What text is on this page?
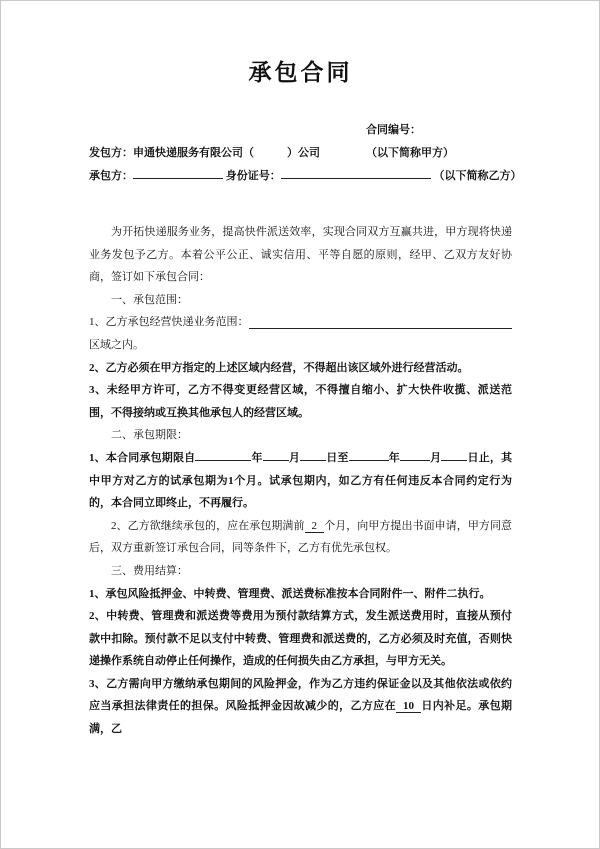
承包合同
合同编号：
发包方：申通快递服务有限公司（　　　）公司	（以下简称甲方）
承包方：	身份证号：	（以下简称乙方）

为开拓快递服务业务，提高快件派送效率，实现合同双方互赢共进，甲方现将快递业务发包予乙方。本着公平公正、诚实信用、平等自愿的原则，经甲、乙双方友好协商，签订如下承包合同：

一、承包范围：

1、乙方承包经营快递业务范围：

区域之内。

2、乙方必须在甲方指定的上述区域内经营，不得超出该区域外进行经营活动。

3、未经甲方许可，乙方不得变更经营区域，不得擅自缩小、扩大快件收揽、派送范围，不得接纳或互换其他承包人的经营区域。

二、承包期限：

1、本合同承包期限自	年 月 日至	年	月 日止，其中甲方对乙方的试承包期为1个月。试承包期内，如乙方有任何违反本合同约定行为的，本合同立即终止，不再履行。

2、乙方欲继续承包的，应在承包期满前 2 个月，向甲方提出书面申请，甲方同意后，双方重新签订承包合同，同等条件下，乙方有优先承包权。

三、费用结算：

1、承包风险抵押金、中转费、管理费、派送费标准按本合同附件一、附件二执行。

2、中转费、管理费和派送费等费用为预付款结算方式，发生派送费用时，直接从预付款中扣除。预付款不足以支付中转费、管理费和派送费的，乙方必须及时充值，否则快递操作系统自动停止任何操作，造成的任何损失由乙方承担，与甲方无关。

3、乙方需向甲方缴纳承包期间的风险押金，作为乙方违约保证金以及其他依法或依约应当承担法律责任的担保。风险抵押金因故减少的，乙方应在 10 日内补足。承包期满，乙
